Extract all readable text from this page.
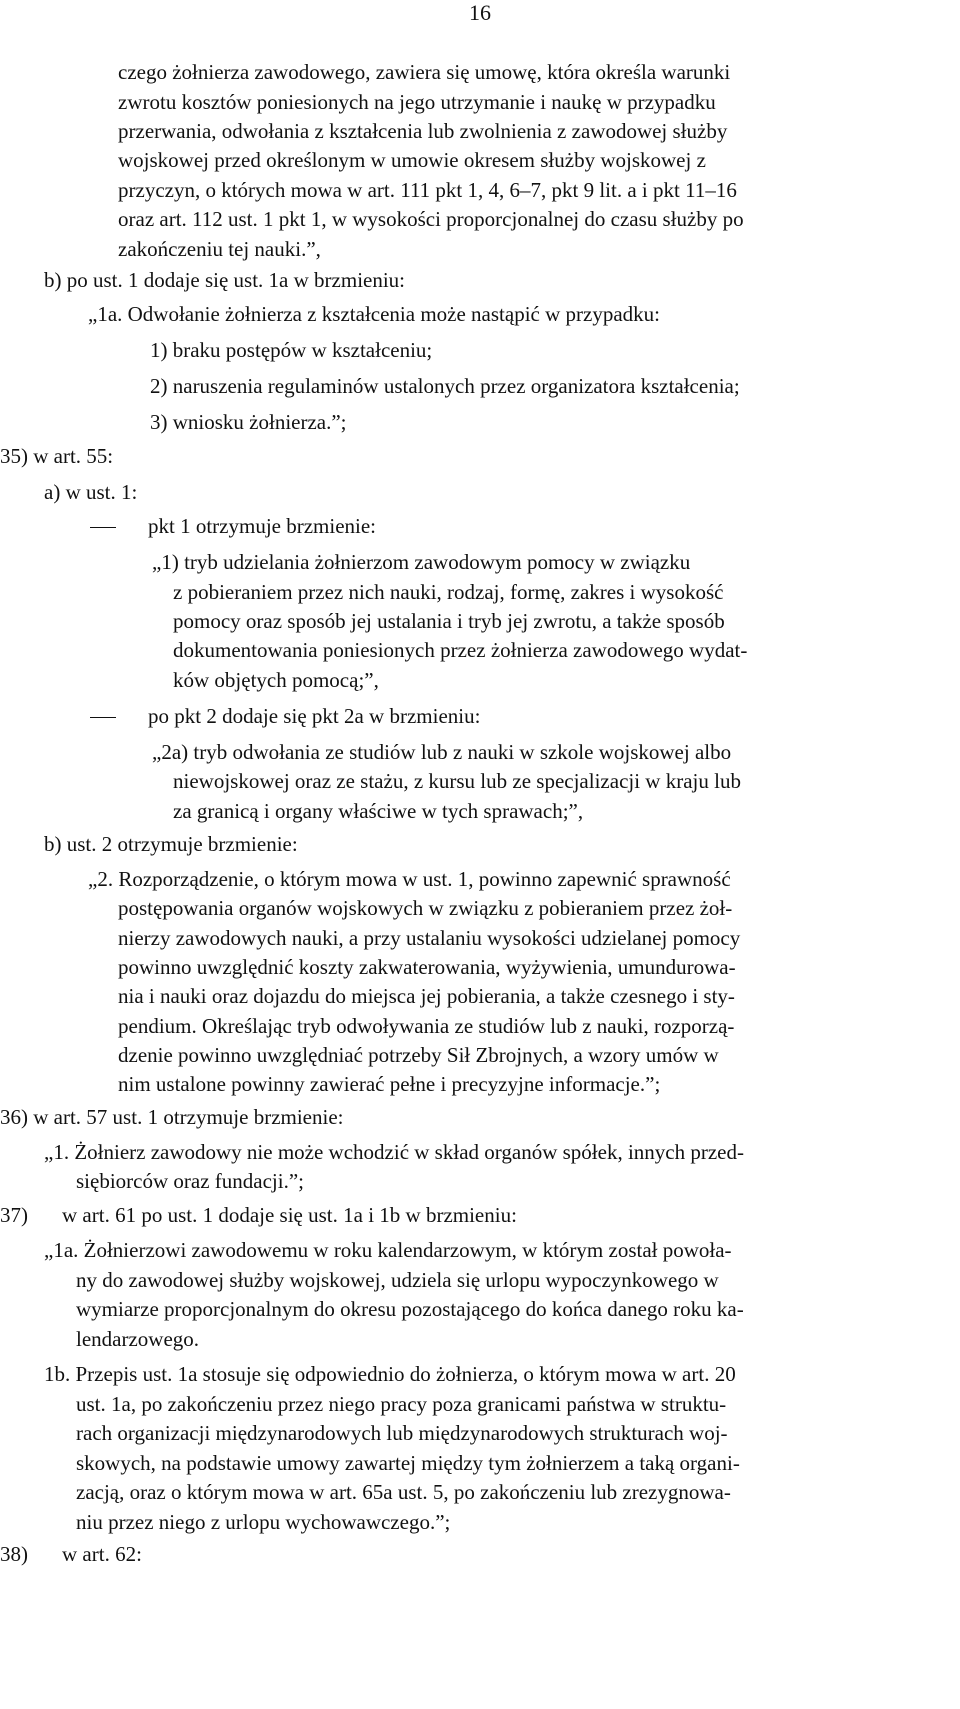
16
czego żołnierza zawodowego, zawiera się umowę, która określa warunki
zwrotu kosztów poniesionych na jego utrzymanie i naukę w przypadku
przerwania, odwołania z kształcenia lub zwolnienia z zawodowej służby
wojskowej przed określonym w umowie okresem służby wojskowej z
przyczyn, o których mowa w art. 111 pkt 1, 4, 6–7, pkt 9 lit. a i pkt 11–16
oraz art. 112 ust. 1 pkt 1, w wysokości proporcjonalnej do czasu służby po
zakończeniu tej nauki.”,
b) po ust. 1 dodaje się ust. 1a w brzmieniu:
„1a. Odwołanie żołnierza z kształcenia może nastąpić w przypadku:
1) braku postępów w kształceniu;
2) naruszenia regulaminów ustalonych przez organizatora kształcenia;
3) wniosku żołnierza.”;
35) w art. 55:
a) w ust. 1:
pkt 1 otrzymuje brzmienie:
„1) tryb udzielania żołnierzom zawodowym pomocy w związku
z pobieraniem przez nich nauki, rodzaj, formę, zakres i wysokość
pomocy oraz sposób jej ustalania i tryb jej zwrotu, a także sposób
dokumentowania poniesionych przez żołnierza zawodowego wydat-
ków objętych pomocą;”,
po pkt 2 dodaje się pkt 2a w brzmieniu:
„2a) tryb odwołania ze studiów lub z nauki w szkole wojskowej albo
niewojskowej oraz ze stażu, z kursu lub ze specjalizacji w kraju lub
za granicą i organy właściwe w tych sprawach;”,
b) ust. 2 otrzymuje brzmienie:
„2. Rozporządzenie, o którym mowa w ust. 1, powinno zapewnić sprawność
postępowania organów wojskowych w związku z pobieraniem przez żoł-
nierzy zawodowych nauki, a przy ustalaniu wysokości udzielanej pomocy
powinno uwzględnić koszty zakwaterowania, wyżywienia, umundurowa-
nia i nauki oraz dojazdu do miejsca jej pobierania, a także czesnego i sty-
pendium. Określając tryb odwoływania ze studiów lub z nauki, rozporzą-
dzenie powinno uwzględniać potrzeby Sił Zbrojnych, a wzory umów w
nim ustalone powinny zawierać pełne i precyzyjne informacje.”;
36) w art. 57 ust. 1 otrzymuje brzmienie:
„1. Żołnierz zawodowy nie może wchodzić w skład organów spółek, innych przed-
siębiorców oraz fundacji.”;
37) w art. 61 po ust. 1 dodaje się ust. 1a i 1b w brzmieniu:
„1a. Żołnierzowi zawodowemu w roku kalendarzowym, w którym został powoła-
ny do zawodowej służby wojskowej, udziela się urlopu wypoczynkowego w
wymiarze proporcjonalnym do okresu pozostającego do końca danego roku ka-
lendarzowego.
1b. Przepis ust. 1a stosuje się odpowiednio do żołnierza, o którym mowa w art. 20
ust. 1a, po zakończeniu przez niego pracy poza granicami państwa w struktu-
rach organizacji międzynarodowych lub międzynarodowych strukturach woj-
skowych, na podstawie umowy zawartej między tym żołnierzem a taką organi-
zacją, oraz o którym mowa w art. 65a ust. 5, po zakończeniu lub zrezygnowa-
niu przez niego z urlopu wychowawczego.”;
38) w art. 62:
